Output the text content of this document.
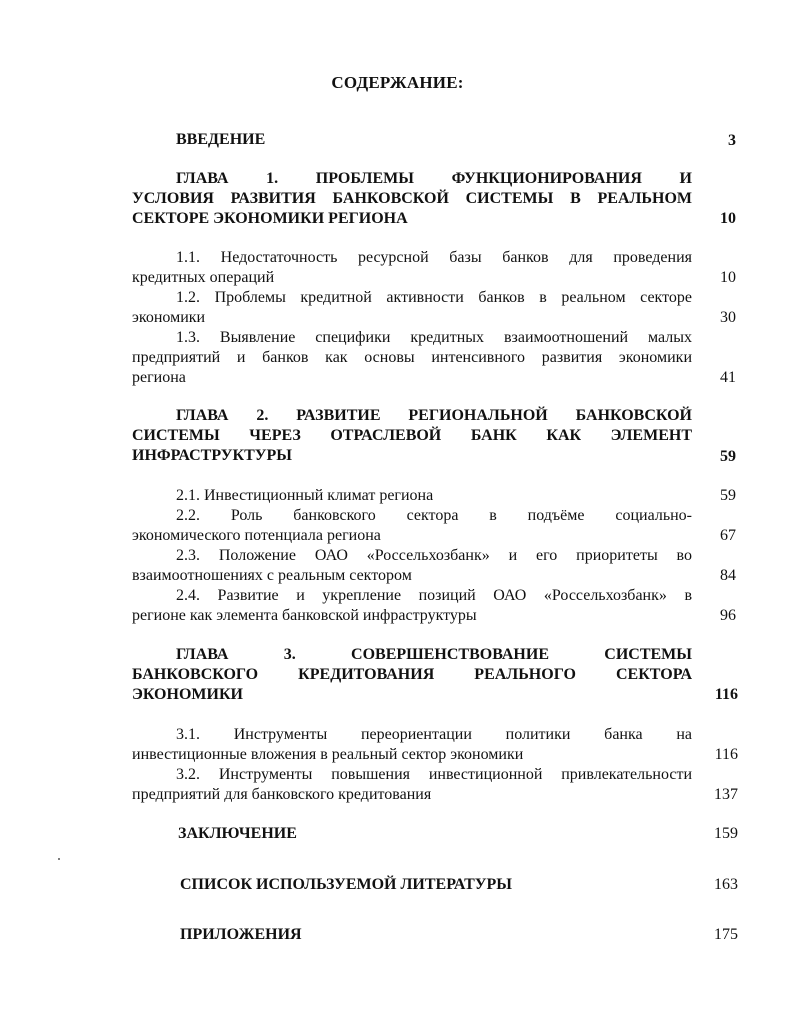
СОДЕРЖАНИЕ:
ВВЕДЕНИЕ	3
ГЛАВА 1. ПРОБЛЕМЫ ФУНКЦИОНИРОВАНИЯ И
УСЛОВИЯ РАЗВИТИЯ БАНКОВСКОЙ СИСТЕМЫ В РЕАЛЬНОМ
СЕКТОРЕ ЭКОНОМИКИ РЕГИОНА	10
1.1. Недостаточность ресурсной базы банков для проведения
кредитных операций	10
1.2. Проблемы кредитной активности банков в реальном секторе
экономики	30
1.3. Выявление специфики кредитных взаимоотношений малых
предприятий и банков как основы интенсивного развития экономики
региона	41
ГЛАВА 2. РАЗВИТИЕ РЕГИОНАЛЬНОЙ БАНКОВСКОЙ
СИСТЕМЫ ЧЕРЕЗ ОТРАСЛЕВОЙ БАНК КАК ЭЛЕМЕНТ
ИНФРАСТРУКТУРЫ	59
2.1. Инвестиционный климат региона	59
2.2. Роль банковского сектора в подъёме социально-
экономического потенциала региона	67
2.3. Положение ОАО «Россельхозбанк» и его приоритеты во
взаимоотношениях с реальным сектором	84
2.4. Развитие и укрепление позиций ОАО «Россельхозбанк» в
регионе как элемента банковской инфраструктуры	96
ГЛАВА 3. СОВЕРШЕНСТВОВАНИЕ СИСТЕМЫ
БАНКОВСКОГО КРЕДИТОВАНИЯ РЕАЛЬНОГО СЕКТОРА
ЭКОНОМИКИ	116
3.1. Инструменты переориентации политики банка на
инвестиционные вложения в реальный сектор экономики	116
3.2. Инструменты повышения инвестиционной привлекательности
предприятий для банковского кредитования	137
ЗАКЛЮЧЕНИЕ	159
СПИСОК ИСПОЛЬЗУЕМОЙ ЛИТЕРАТУРЫ	163
ПРИЛОЖЕНИЯ	175
